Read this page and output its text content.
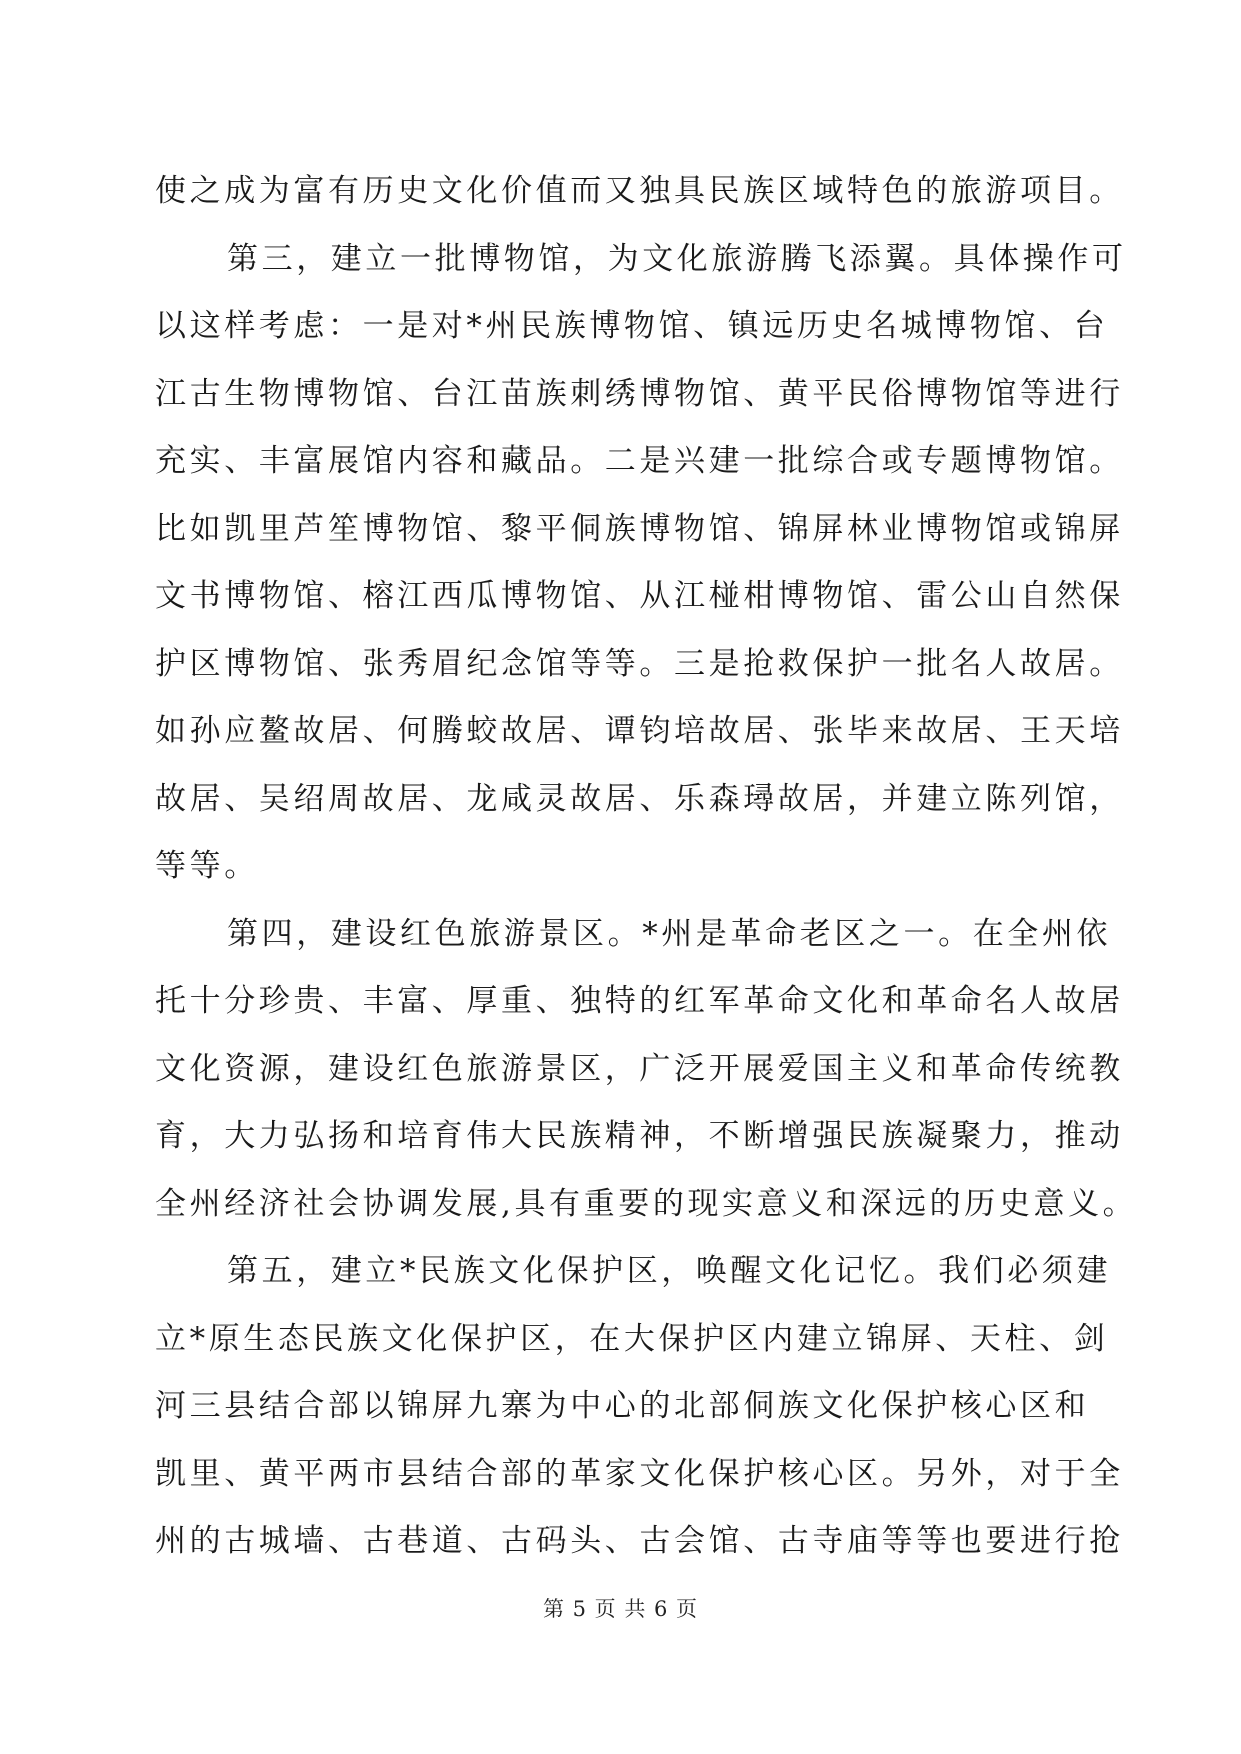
使之成为富有历史文化价值而又独具民族区域特色的旅游项目。
第三，建立一批博物馆，为文化旅游腾飞添翼。具体操作可
以这样考虑：一是对*州民族博物馆、镇远历史名城博物馆、台
江古生物博物馆、台江苗族刺绣博物馆、黄平民俗博物馆等进行
充实、丰富展馆内容和藏品。二是兴建一批综合或专题博物馆。
比如凯里芦笙博物馆、黎平侗族博物馆、锦屏林业博物馆或锦屏
文书博物馆、榕江西瓜博物馆、从江椪柑博物馆、雷公山自然保
护区博物馆、张秀眉纪念馆等等。三是抢救保护一批名人故居。
如孙应鳌故居、何腾蛟故居、谭钧培故居、张毕来故居、王天培
故居、吴绍周故居、龙咸灵故居、乐森璕故居，并建立陈列馆，
等等。
第四，建设红色旅游景区。*州是革命老区之一。在全州依
托十分珍贵、丰富、厚重、独特的红军革命文化和革命名人故居
文化资源，建设红色旅游景区，广泛开展爱国主义和革命传统教
育，大力弘扬和培育伟大民族精神，不断增强民族凝聚力，推动
全州经济社会协调发展,具有重要的现实意义和深远的历史意义。
第五，建立*民族文化保护区，唤醒文化记忆。我们必须建
立*原生态民族文化保护区，在大保护区内建立锦屏、天柱、剑
河三县结合部以锦屏九寨为中心的北部侗族文化保护核心区和
凯里、黄平两市县结合部的革家文化保护核心区。另外，对于全
州的古城墙、古巷道、古码头、古会馆、古寺庙等等也要进行抢
第 5 页 共 6 页
